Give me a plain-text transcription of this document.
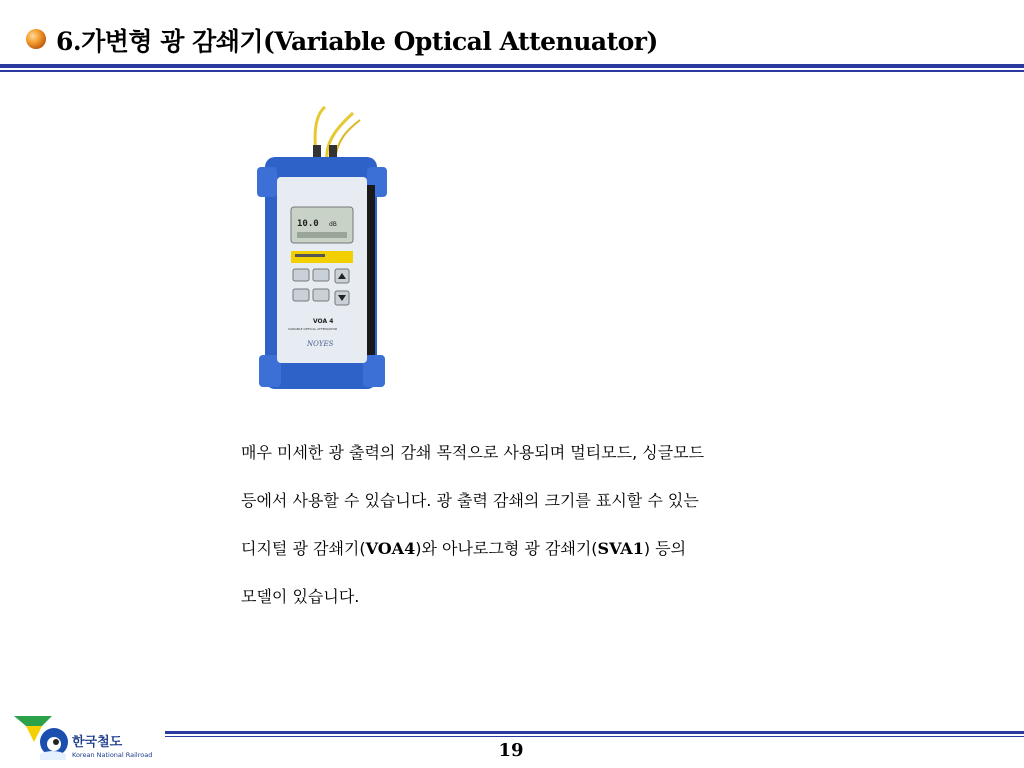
6.가변형 광 감쇄기(Variable Optical Attenuator)
10.0 dB
VOA 4
VARIABLE OPTICAL ATTENUATOR
NOYES
매우 미세한 광 출력의 감쇄 목적으로 사용되며 멀티모드, 싱글모드
등에서 사용할 수 있습니다. 광 출력 감쇄의 크기를 표시할 수 있는
디지털 광 감쇄기(VOA4)와 아나로그형 광 감쇄기(SVA1) 등의
모델이 있습니다.
한국철도
Korean National Railroad	19
